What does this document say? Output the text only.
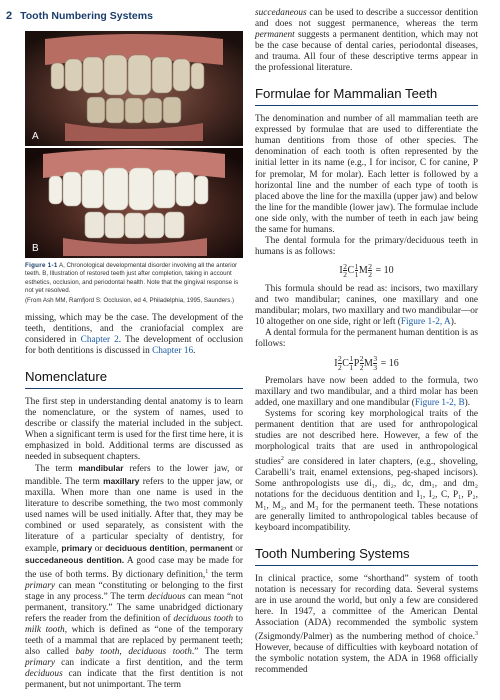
2 Tooth Numbering Systems
A
B
Figure 1-1 A, Chronological developmental disorder involving all the anterior teeth. B, Illustration of restored teeth just after completion, taking in account esthetics, occlusion, and periodontal health. Note that the gingival response is not yet resolved.
(From Ash MM, Ramfjord S: Occlusion, ed 4, Philadelphia, 1995, Saunders.)

missing, which may be the case. The development of the teeth, dentitions, and the craniofacial complex are considered in Chapter 2. The development of occlusion for both dentitions is discussed in Chapter 16.

Nomenclature

The first step in understanding dental anatomy is to learn the nomenclature, or the system of names, used to describe or classify the material included in the subject. When a significant term is used for the first time here, it is emphasized in bold. Additional terms are discussed as needed in subsequent chapters.

The term mandibular refers to the lower jaw, or mandible. The term maxillary refers to the upper jaw, or maxilla. When more than one name is used in the literature to describe something, the two most commonly used names will be used initially. After that, they may be combined or used separately, as consistent with the literature of a particular specialty of dentistry, for example, primary or deciduous dentition, permanent or succedaneous dentition. A good case may be made for the use of both terms. By dictionary definition,$^1$ the term primary can mean “constituting or belonging to the first stage in any process.” The term deciduous can mean “not permanent, transitory.” The same unabridged dictionary refers the reader from the definition of deciduous tooth to milk tooth, which is defined as “one of the temporary teeth of a mammal that are replaced by permanent teeth; also called baby tooth, deciduous tooth.” The term primary can indicate a first dentition, and the term deciduous can indicate that the first dentition is not permanent, but not unimportant. The term

succedaneous can be used to describe a successor dentition and does not suggest permanence, whereas the term permanent suggests a permanent dentition, which may not be the case because of dental caries, periodontal diseases, and trauma. All four of these descriptive terms appear in the professional literature.

Formulae for Mammalian Teeth

The denomination and number of all mammalian teeth are expressed by formulae that are used to differentiate the human dentitions from those of other species. The denomination of each tooth is often represented by the initial letter in its name (e.g., I for incisor, C for canine, P for premolar, M for molar). Each letter is followed by a horizontal line and the number of each type of tooth is placed above the line for the maxilla (upper jaw) and below the line for the mandible (lower jaw). The formulae include one side only, with the number of teeth in each jaw being the same for humans.

The dental formula for the primary/deciduous teeth in humans is as follows:

I $\frac{2}{2}$ C $\frac{1}{1}$ M $\frac{2}{2} = 10$

This formula should be read as: incisors, two maxillary and two mandibular; canines, one maxillary and one mandibular; molars, two maxillary and two mandibular—or 10 altogether on one side, right or left (Figure 1-2, A).

A dental formula for the permanent human dentition is as follows:

I $\frac{2}{2}$ C $\frac{1}{1}$ P $\frac{2}{2}$ M $\frac{3}{3} = 16$

Premolars have now been added to the formula, two maxillary and two mandibular, and a third molar has been added, one maxillary and one mandibular (Figure 1-2, B).

Systems for scoring key morphological traits of the permanent dentition that are used for anthropological studies are not described here. However, a few of the morphological traits that are used in anthropological studies$^2$ are considered in later chapters, (e.g., shoveling, Carabelli’s trait, enamel extensions, peg-shaped incisors). Some anthropologists use di₁, di₂, dc, dm₁, and dm₂ notations for the deciduous dentition and I₁, I₂, C, P₁, P₂, M₁, M₂, and M₃ for the permanent teeth. These notations are generally limited to anthropological tables because of keyboard incompatibility.

Tooth Numbering Systems

In clinical practice, some “shorthand” system of tooth notation is necessary for recording data. Several systems are in use around the world, but only a few are considered here. In 1947, a committee of the American Dental Association (ADA) recommended the symbolic system (Zsigmondy/Palmer) as the numbering method of choice.$^3$ However, because of difficulties with keyboard notation of the symbolic notation system, the ADA in 1968 officially recommended
